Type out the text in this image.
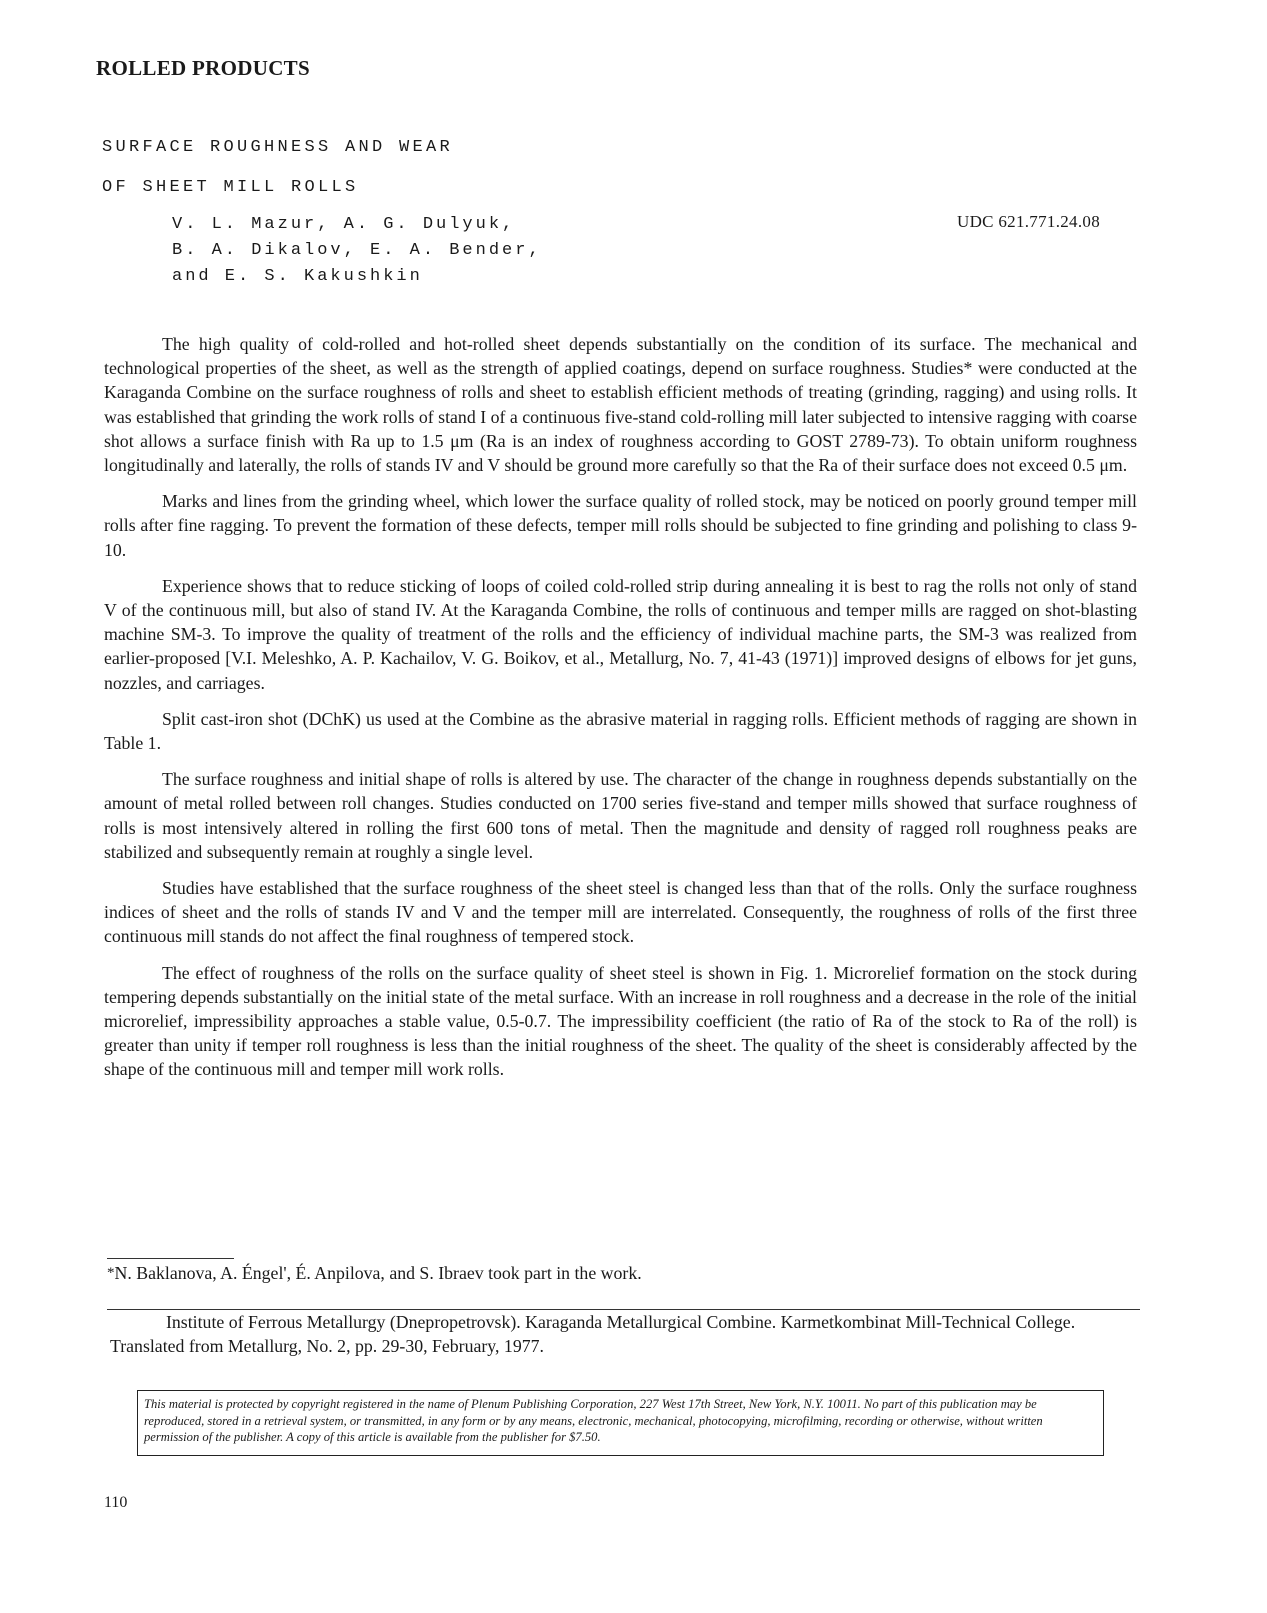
ROLLED PRODUCTS
SURFACE ROUGHNESS AND WEAR
OF SHEET MILL ROLLS
V. L. Mazur, A. G. Dulyuk,
B. A. Dikalov, E. A. Bender,
and E. S. Kakushkin
UDC 621.771.24.08

The high quality of cold-rolled and hot-rolled sheet depends substantially on the condition of its surface. The mechanical and technological properties of the sheet, as well as the strength of applied coatings, depend on surface roughness. Studies* were conducted at the Karaganda Combine on the surface roughness of rolls and sheet to establish efficient methods of treating (grinding, ragging) and using rolls. It was established that grinding the work rolls of stand I of a continuous five-stand cold-rolling mill later subjected to intensive ragging with coarse shot allows a surface finish with Ra up to 1.5 μm (Ra is an index of roughness according to GOST 2789-73). To obtain uniform roughness longitudinally and laterally, the rolls of stands IV and V should be ground more carefully so that the Ra of their surface does not exceed 0.5 μm.

Marks and lines from the grinding wheel, which lower the surface quality of rolled stock, may be noticed on poorly ground temper mill rolls after fine ragging. To prevent the formation of these defects, temper mill rolls should be subjected to fine grinding and polishing to class 9-10.

Experience shows that to reduce sticking of loops of coiled cold-rolled strip during annealing it is best to rag the rolls not only of stand V of the continuous mill, but also of stand IV. At the Karaganda Combine, the rolls of continuous and temper mills are ragged on shot-blasting machine SM-3. To improve the quality of treatment of the rolls and the efficiency of individual machine parts, the SM-3 was realized from earlier-proposed [V.I. Meleshko, A. P. Kachailov, V. G. Boikov, et al., Metallurg, No. 7, 41-43 (1971)] improved designs of elbows for jet guns, nozzles, and carriages.

Split cast-iron shot (DChK) us used at the Combine as the abrasive material in ragging rolls. Efficient methods of ragging are shown in Table 1.

The surface roughness and initial shape of rolls is altered by use. The character of the change in roughness depends substantially on the amount of metal rolled between roll changes. Studies conducted on 1700 series five-stand and temper mills showed that surface roughness of rolls is most intensively altered in rolling the first 600 tons of metal. Then the magnitude and density of ragged roll roughness peaks are stabilized and subsequently remain at roughly a single level.

Studies have established that the surface roughness of the sheet steel is changed less than that of the rolls. Only the surface roughness indices of sheet and the rolls of stands IV and V and the temper mill are interrelated. Consequently, the roughness of rolls of the first three continuous mill stands do not affect the final roughness of tempered stock.

The effect of roughness of the rolls on the surface quality of sheet steel is shown in Fig. 1. Microrelief formation on the stock during tempering depends substantially on the initial state of the metal surface. With an increase in roll roughness and a decrease in the role of the initial microrelief, impressibility approaches a stable value, 0.5-0.7. The impressibility coefficient (the ratio of Ra of the stock to Ra of the roll) is greater than unity if temper roll roughness is less than the initial roughness of the sheet. The quality of the sheet is considerably affected by the shape of the continuous mill and temper mill work rolls.

*N. Baklanova, A. Éngel', É. Anpilova, and S. Ibraev took part in the work.
Institute of Ferrous Metallurgy (Dnepropetrovsk). Karaganda Metallurgical Combine. Karmetkombinat Mill-Technical College. Translated from Metallurg, No. 2, pp. 29-30, February, 1977.
This material is protected by copyright registered in the name of Plenum Publishing Corporation, 227 West 17th Street, New York, N.Y. 10011. No part of this publication may be reproduced, stored in a retrieval system, or transmitted, in any form or by any means, electronic, mechanical, photocopying, microfilming, recording or otherwise, without written permission of the publisher. A copy of this article is available from the publisher for $7.50.
110
